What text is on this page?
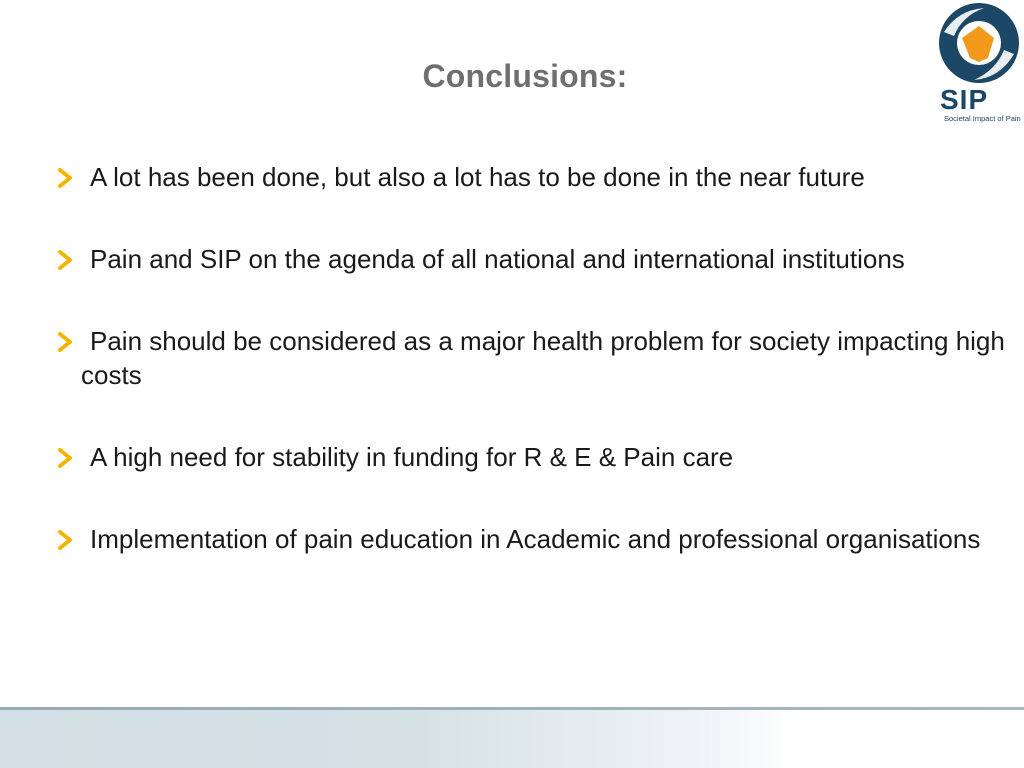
Conclusions:
SIP
Societal Impact of Pain
A lot has been done, but also a lot has to be done in the near future
Pain and SIP on the agenda of all national and international institutions
Pain should be considered as a major health problem for society impacting high costs
A high need for stability in funding for R & E & Pain care
Implementation of pain education in Academic and professional organisations
